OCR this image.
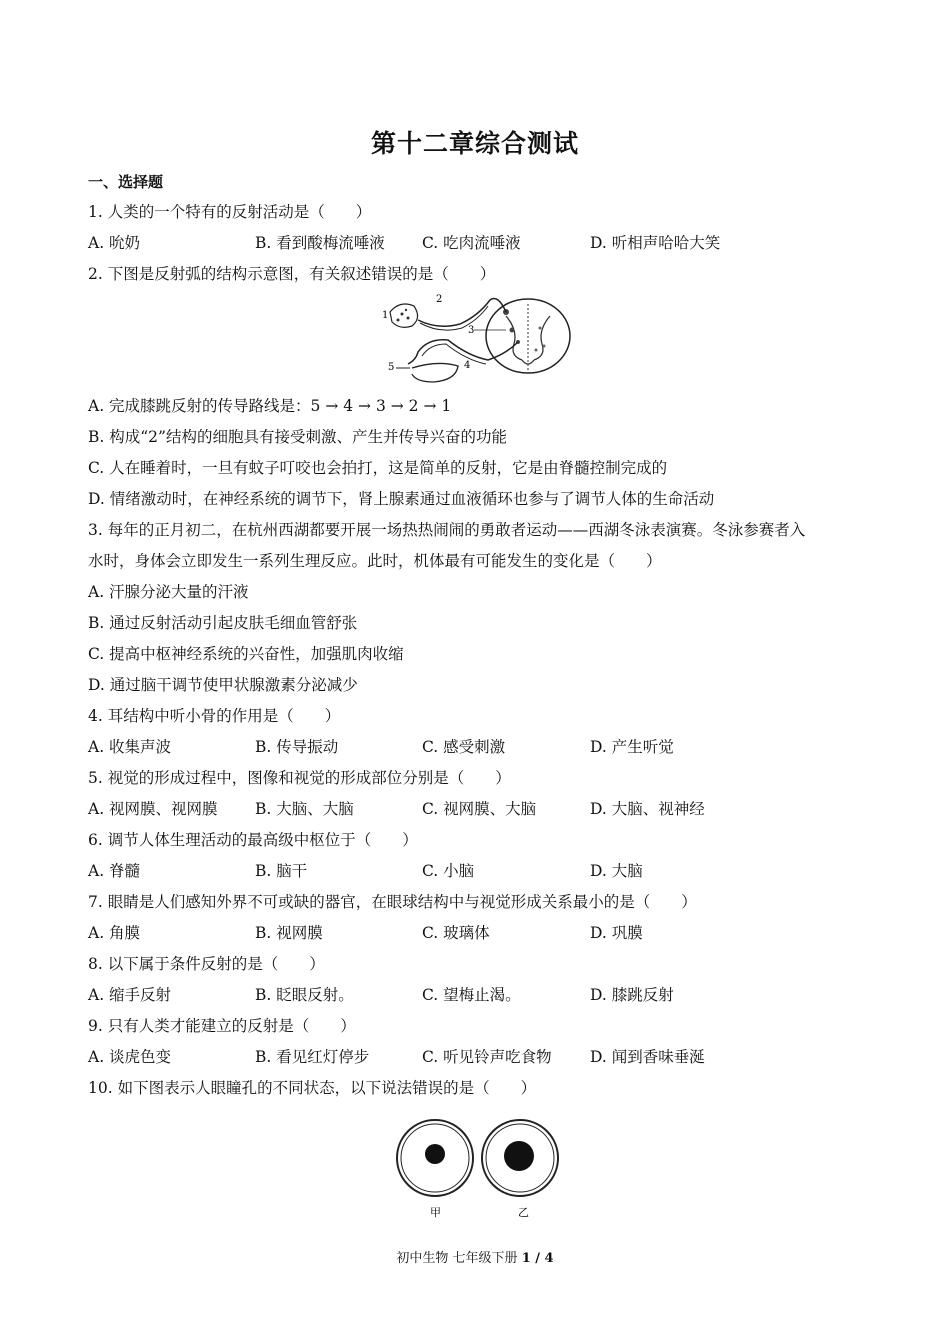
第十二章综合测试
一、选择题
1. 人类的一个特有的反射活动是（　　）
A. 吮奶	B. 看到酸梅流唾液 C. 吃肉流唾液	D. 听相声哈哈大笑
2. 下图是反射弧的结构示意图，有关叙述错误的是（　　）
1
2
3
4
5
A. 完成膝跳反射的传导路线是：5 → 4 → 3 → 2 → 1
B. 构成“2”结构的细胞具有接受刺激、产生并传导兴奋的功能
C. 人在睡着时，一旦有蚊子叮咬也会拍打，这是简单的反射，它是由脊髓控制完成的
D. 情绪激动时，在神经系统的调节下，肾上腺素通过血液循环也参与了调节人体的生命活动
3. 每年的正月初二，在杭州西湖都要开展一场热热闹闹的勇敢者运动——西湖冬泳表演赛。冬泳参赛者入
水时，身体会立即发生一系列生理反应。此时，机体最有可能发生的变化是（　　）
A. 汗腺分泌大量的汗液
B. 通过反射活动引起皮肤毛细血管舒张
C. 提高中枢神经系统的兴奋性，加强肌肉收缩
D. 通过脑干调节使甲状腺激素分泌减少
4. 耳结构中听小骨的作用是（　　）
A. 收集声波	B. 传导振动	C. 感受刺激	D. 产生听觉
5. 视觉的形成过程中，图像和视觉的形成部位分别是（　　）
A. 视网膜、视网膜 B. 大脑、大脑	C. 视网膜、大脑	D. 大脑、视神经
6. 调节人体生理活动的最高级中枢位于（　　）
A. 脊髓	B. 脑干	C. 小脑	D. 大脑
7. 眼睛是人们感知外界不可或缺的器官，在眼球结构中与视觉形成关系最小的是（　　）
A. 角膜	B. 视网膜	C. 玻璃体	D. 巩膜
8. 以下属于条件反射的是（　　）
A. 缩手反射	B. 眨眼反射。	C. 望梅止渴。	D. 膝跳反射
9. 只有人类才能建立的反射是（　　）
A. 谈虎色变	B. 看见红灯停步	C. 听见铃声吃食物 D. 闻到香味垂涎
10. 如下图表示人眼瞳孔的不同状态，以下说法错误的是（　　）
甲	乙
初中生物 七年级下册 1 / 4
